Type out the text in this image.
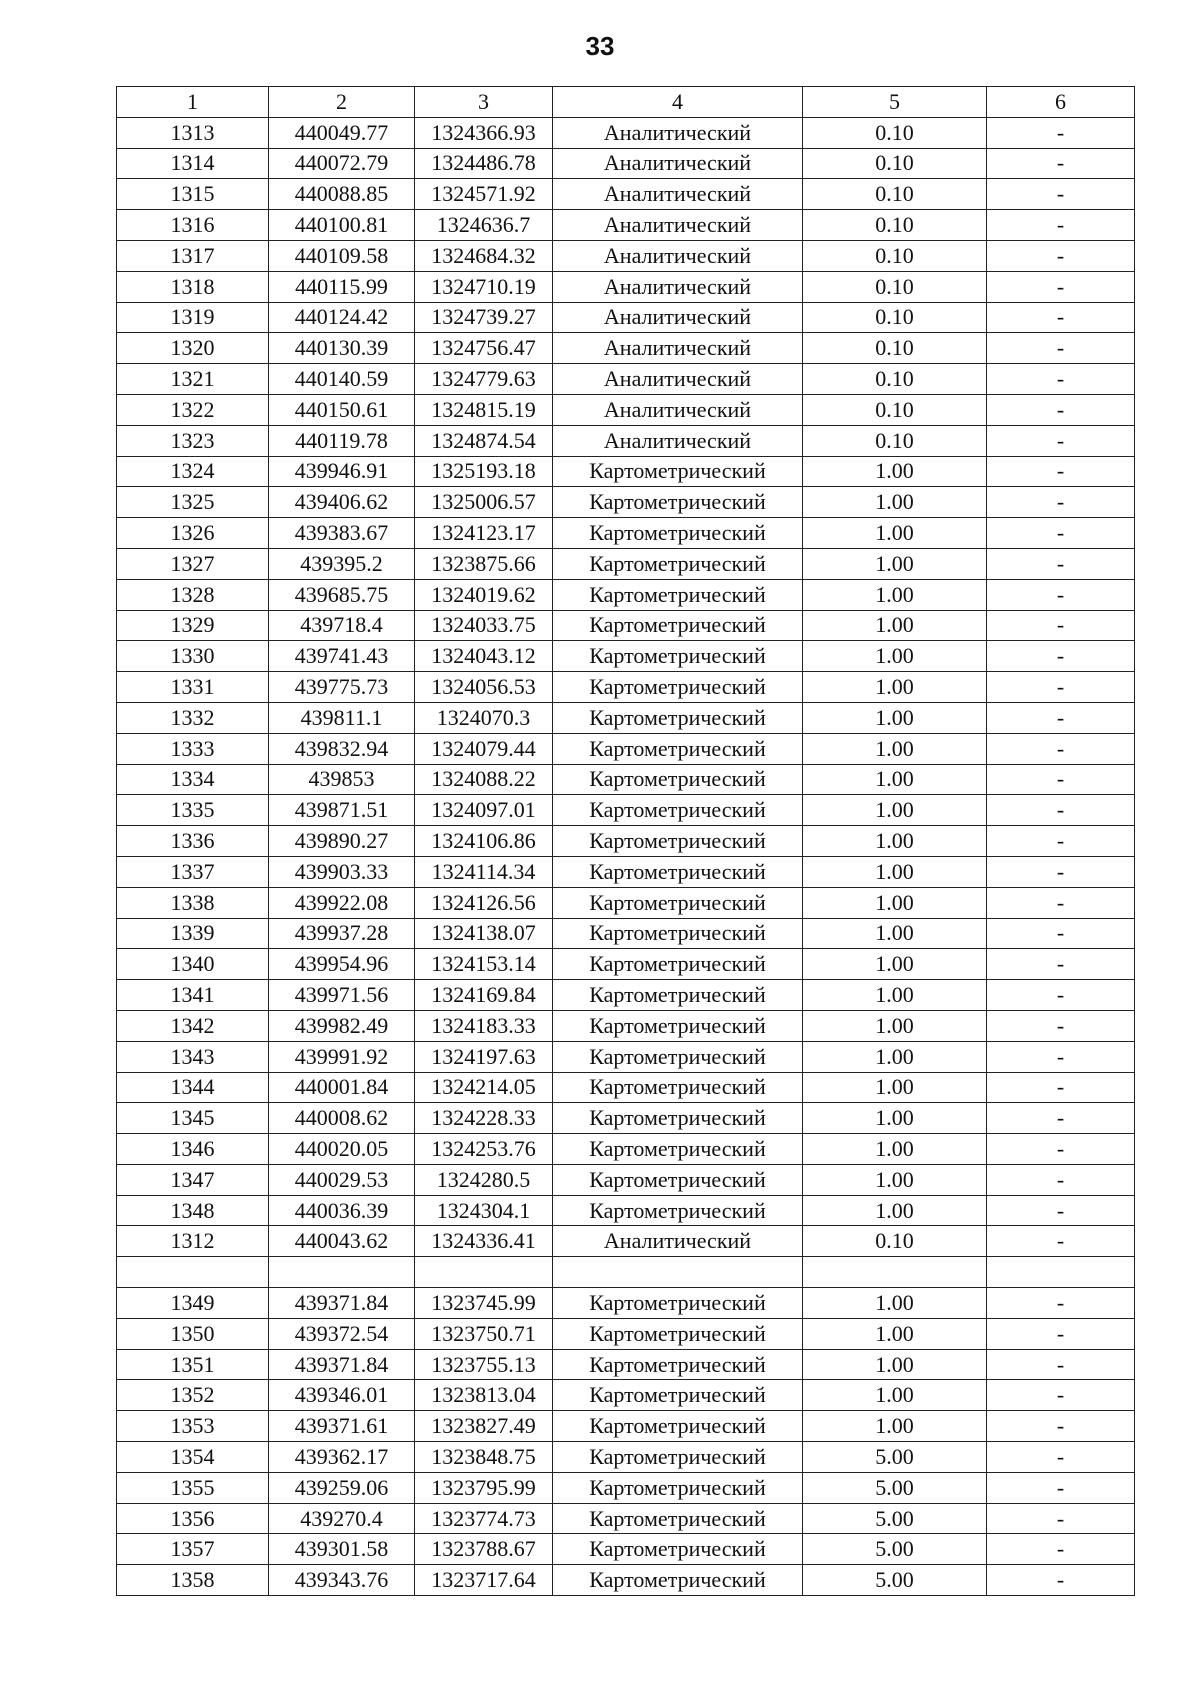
33
1	2	3	4	5	6
1313	440049.77	1324366.93	Аналитический	0.10	-
1314	440072.79	1324486.78	Аналитический	0.10	-
1315	440088.85	1324571.92	Аналитический	0.10	-
1316	440100.81	1324636.7	Аналитический	0.10	-
1317	440109.58	1324684.32	Аналитический	0.10	-
1318	440115.99	1324710.19	Аналитический	0.10	-
1319	440124.42	1324739.27	Аналитический	0.10	-
1320	440130.39	1324756.47	Аналитический	0.10	-
1321	440140.59	1324779.63	Аналитический	0.10	-
1322	440150.61	1324815.19	Аналитический	0.10	-
1323	440119.78	1324874.54	Аналитический	0.10	-
1324	439946.91	1325193.18	Картометрический	1.00	-
1325	439406.62	1325006.57	Картометрический	1.00	-
1326	439383.67	1324123.17	Картометрический	1.00	-
1327	439395.2	1323875.66	Картометрический	1.00	-
1328	439685.75	1324019.62	Картометрический	1.00	-
1329	439718.4	1324033.75	Картометрический	1.00	-
1330	439741.43	1324043.12	Картометрический	1.00	-
1331	439775.73	1324056.53	Картометрический	1.00	-
1332	439811.1	1324070.3	Картометрический	1.00	-
1333	439832.94	1324079.44	Картометрический	1.00	-
1334	439853	1324088.22	Картометрический	1.00	-
1335	439871.51	1324097.01	Картометрический	1.00	-
1336	439890.27	1324106.86	Картометрический	1.00	-
1337	439903.33	1324114.34	Картометрический	1.00	-
1338	439922.08	1324126.56	Картометрический	1.00	-
1339	439937.28	1324138.07	Картометрический	1.00	-
1340	439954.96	1324153.14	Картометрический	1.00	-
1341	439971.56	1324169.84	Картометрический	1.00	-
1342	439982.49	1324183.33	Картометрический	1.00	-
1343	439991.92	1324197.63	Картометрический	1.00	-
1344	440001.84	1324214.05	Картометрический	1.00	-
1345	440008.62	1324228.33	Картометрический	1.00	-
1346	440020.05	1324253.76	Картометрический	1.00	-
1347	440029.53	1324280.5	Картометрический	1.00	-
1348	440036.39	1324304.1	Картометрический	1.00	-
1312	440043.62	1324336.41	Аналитический	0.10	-

1349	439371.84	1323745.99	Картометрический	1.00	-
1350	439372.54	1323750.71	Картометрический	1.00	-
1351	439371.84	1323755.13	Картометрический	1.00	-
1352	439346.01	1323813.04	Картометрический	1.00	-
1353	439371.61	1323827.49	Картометрический	1.00	-
1354	439362.17	1323848.75	Картометрический	5.00	-
1355	439259.06	1323795.99	Картометрический	5.00	-
1356	439270.4	1323774.73	Картометрический	5.00	-
1357	439301.58	1323788.67	Картометрический	5.00	-
1358	439343.76	1323717.64	Картометрический	5.00	-
